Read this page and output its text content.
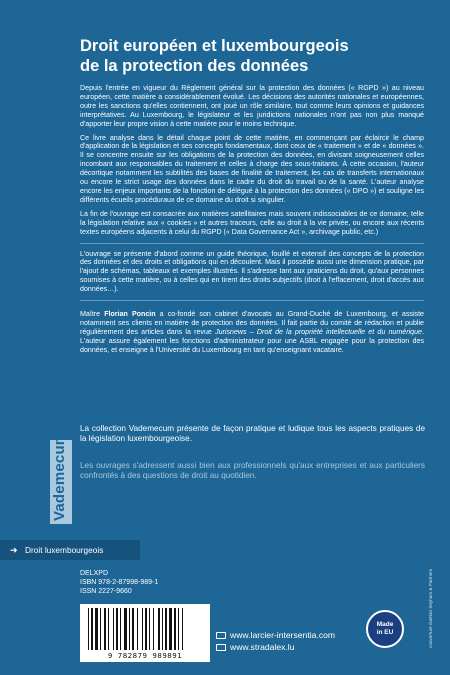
Droit européen et luxembourgeois
de la protection des données

Depuis l'entrée en vigueur du Règlement général sur la protection des données (« RGPD ») au niveau européen, cette matière a considérablement évolué. Les décisions des autorités nationales et européennes, outre les sanctions qu'elles contiennent, ont joué un rôle similaire, tout comme leurs opinions et guidances interprétatives. Au Luxembourg, le législateur et les juridictions nationales n'ont pas non plus manqué d'apporter leur propre vision à cette matière pour le moins technique.

Ce livre analyse dans le détail chaque point de cette matière, en commençant par éclaircir le champ d'application de la législation et ses concepts fondamentaux, dont ceux de « traitement » et de « données ». Il se concentre ensuite sur les obligations de la protection des données, en divisant soigneusement celles incombant aux responsables du traitement et celles à charge des sous-traitants. À cette occasion, l'auteur décortique notamment les subtilités des bases de finalité de traitement, les cas de transferts internationaux ou encore le strict usage des données dans le cadre du droit du travail ou de la santé. L'auteur analyse encore les enjeux importants de la fonction de délégué à la protection des données (« DPO ») et souligne les différents écueils procéduraux de ce domaine du droit si singulier.

La fin de l'ouvrage est consacrée aux matières satellitaires mais souvent indissociables de ce domaine, telle la législation relative aux « cookies » et autres traceurs, celle au droit à la vie privée, ou encore aux récents textes européens adjacents à celui du RGPD (« Data Governance Act », archivage public, etc.)

L'ouvrage se présente d'abord comme un guide théorique, fouillé et extensif des concepts de la protection des données et des droits et obligations qui en découlent. Mais il possède aussi une dimension pratique, par l'ajout de schémas, tableaux et exemples illustrés. Il s'adresse tant aux praticiens du droit, qu'aux personnes soumises à cette matière, ou à celles qui en tirent des droits subjectifs (droit à l'effacement, droit d'accès aux données…).

Maître Florian Poncin a co-fondé son cabinet d'avocats au Grand-Duché de Luxembourg, et assiste notamment ses clients en matière de protection des données. Il fait partie du comité de rédaction et publie régulièrement des articles dans la revue Jurisnews – Droit de la propriété intellectuelle et du numérique. L'auteur assure également les fonctions d'administrateur pour une ASBL engagée pour la protection des données, et enseigne à l'Université du Luxembourg en tant qu'enseignant vacataire.

Vademecum

La collection Vademecum présente de façon pratique et ludique tous les aspects pratiques de la législation luxembourgeoise.

Les ouvrages s'adressent aussi bien aux professionnels qu'aux entreprises et aux particuliers confrontés à des questions de droit au quotidien.

➜ Droit luxembourgeois
DELXPD
ISBN 978-2-87998-989-1
ISSN 2227-9660
9 782879 989891
www.larcier-intersentia.com
www.stradalex.lu
Made
in EU	couverture Gaëtan Seyhars & Partners
